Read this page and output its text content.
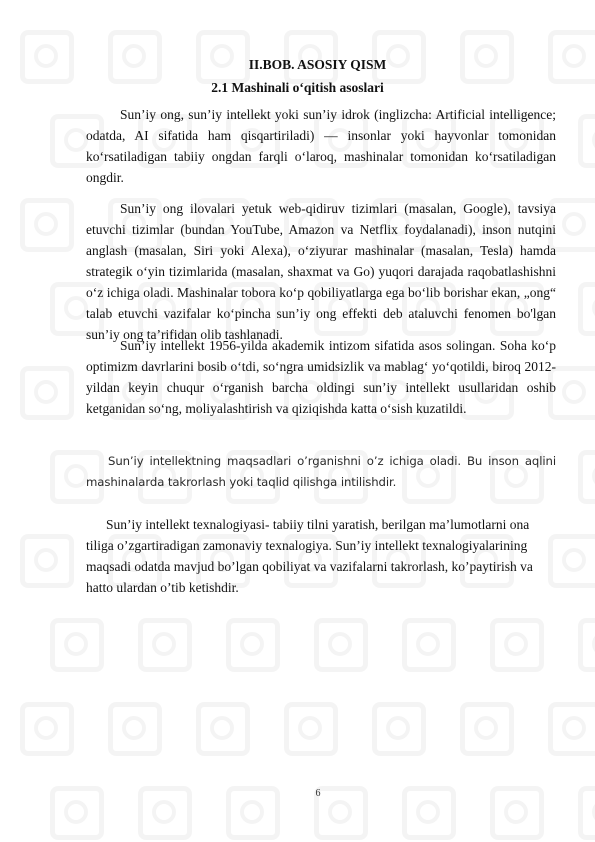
II.BOB. ASOSIY QISM
2.1 Mashinali o‘qitish asoslari

Sun’iy ong, sun’iy intellekt yoki sun’iy idrok (inglizcha: Artificial intelligence; odatda, AI sifatida ham qisqartiriladi) — insonlar yoki hayvonlar tomonidan ko‘rsatiladigan tabiiy ongdan farqli o‘laroq, mashinalar tomonidan ko‘rsatiladigan ongdir.

Sun’iy ong ilovalari yetuk web-qidiruv tizimlari (masalan, Google), tavsiya etuvchi tizimlar (bundan YouTube, Amazon va Netflix foydalanadi), inson nutqini anglash (masalan, Siri yoki Alexa), o‘ziyurar mashinalar (masalan, Tesla) hamda strategik o‘yin tizimlarida (masalan, shaxmat va Go) yuqori darajada raqobatlashishni o‘z ichiga oladi. Mashinalar tobora ko‘p qobiliyatlarga ega bo‘lib borishar ekan, „ong“ talab etuvchi vazifalar ko‘pincha sun’iy ong effekti deb ataluvchi fenomen bo'lgan sun’iy ong ta’rifidan olib tashlanadi.

Sun’iy intellekt 1956-yilda akademik intizom sifatida asos solingan. Soha ko‘p optimizm davrlarini bosib o‘tdi, so‘ngra umidsizlik va mablag‘ yo‘qotildi, biroq 2012-yildan keyin chuqur o‘rganish barcha oldingi sun’iy intellekt usullaridan oshib ketganidan so‘ng, moliyalashtirish va qiziqishda katta o‘sish kuzatildi.

Sun’iy intellektning maqsadlari o’rganishni o’z ichiga oladi. Bu inson aqlini mashinalarda takrorlash yoki taqlid qilishga intilishdir.

Sun’iy intellekt texnalogiyasi- tabiiy tilni yaratish, berilgan ma’lumotlarni ona tiliga o’zgartiradigan zamonaviy texnalogiya. Sun’iy intellekt texnalogiyalarining maqsadi odatda mavjud bo’lgan qobiliyat va vazifalarni takrorlash, ko’paytirish va hatto ulardan o’tib ketishdir.

6
